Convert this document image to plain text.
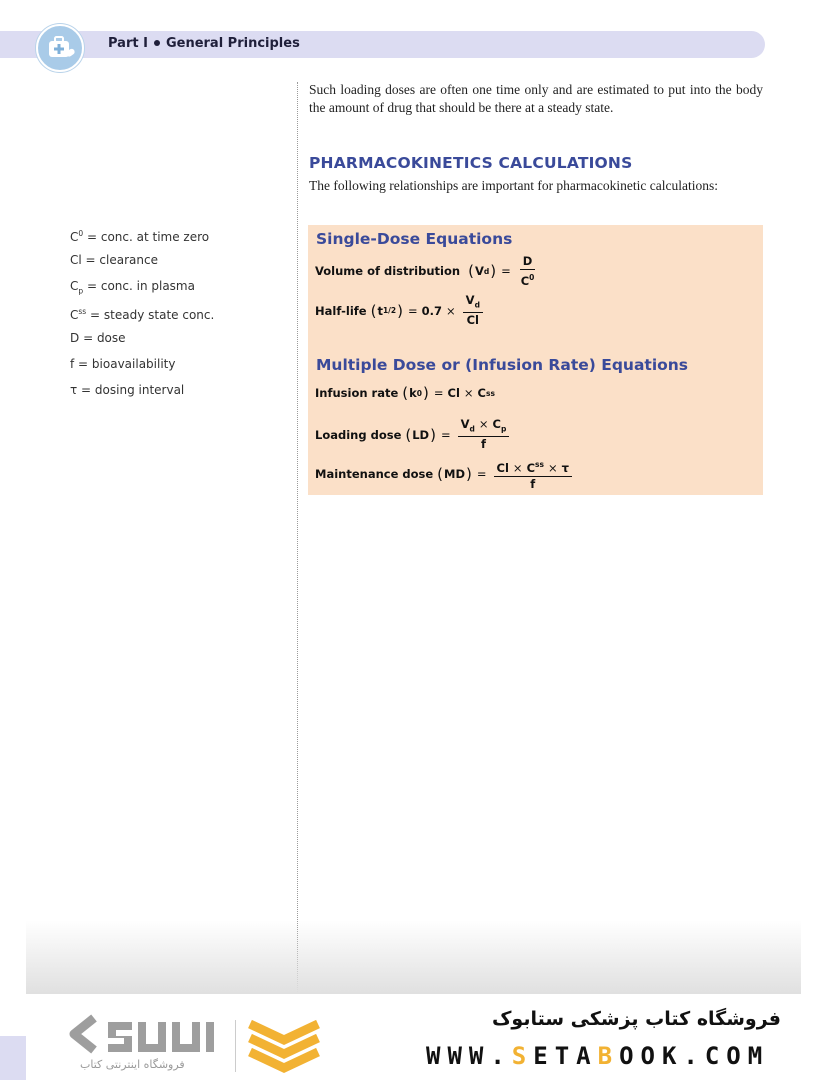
Part I General Principles
Such loading doses are often one time only and are estimated to put into the body the amount of drug that should be there at a steady state.
PHARMACOKINETICS CALCULATIONS
The following relationships are important for pharmacokinetic calculations:
$C^0$ = conc. at time zero
Cl = clearance
$C_p$ = conc. in plasma
$C^{ss}$ = steady state conc.
D = dose
f = bioavailability
τ = dosing interval
Single-Dose Equations
Volume of distribution ( V d ) = $\frac{D}{C^0}$
Half-life ( t 1/2 ) = $0.7 \times \frac{V_d}{Cl}$
Multiple Dose or (Infusion Rate) Equations
Infusion rate ( k 0 ) = Cl × C ss
Loading dose ( LD ) = $\frac{V_d \times C_p}{f}$
Maintenance dose ( MD ) = $\frac{Cl \times C^{ss} \times \tau}{f}$
فروشگاه اینترنتی کتاب
فروشگاه کتاب پزشکی ستابوک
WWW.SETABOOK.COM
